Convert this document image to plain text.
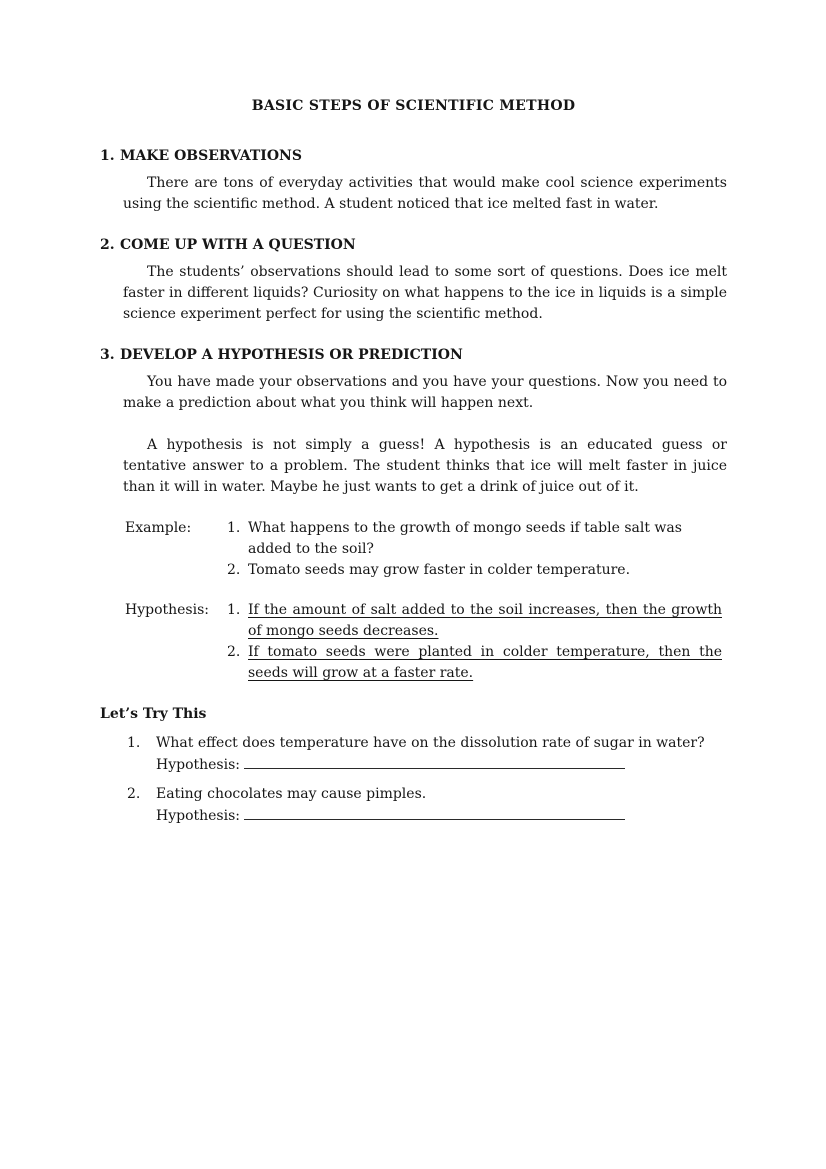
BASIC STEPS OF SCIENTIFIC METHOD
1. MAKE OBSERVATIONS

There are tons of everyday activities that would make cool science experiments using the scientific method. A student noticed that ice melted fast in water.

2. COME UP WITH A QUESTION

The students’ observations should lead to some sort of questions. Does ice melt faster in different liquids? Curiosity on what happens to the ice in liquids is a simple science experiment perfect for using the scientific method.

3. DEVELOP A HYPOTHESIS OR PREDICTION

You have made your observations and you have your questions. Now you need to make a prediction about what you think will happen next.

A hypothesis is not simply a guess! A hypothesis is an educated guess or tentative answer to a problem. The student thinks that ice will melt faster in juice than it will in water. Maybe he just wants to get a drink of juice out of it.

Example:	1. What happens to the growth of mongo seeds if table salt was added to the soil?
2. Tomato seeds may grow faster in colder temperature.
Hypothesis:	1. If the amount of salt added to the soil increases, then the growth of mongo seeds decreases.
2. If tomato seeds were planted in colder temperature, then the seeds will grow at a faster rate.
Let’s Try This
1.	What effect does temperature have on the dissolution rate of sugar in water?
Hypothesis:
2.	Eating chocolates may cause pimples.
Hypothesis:
